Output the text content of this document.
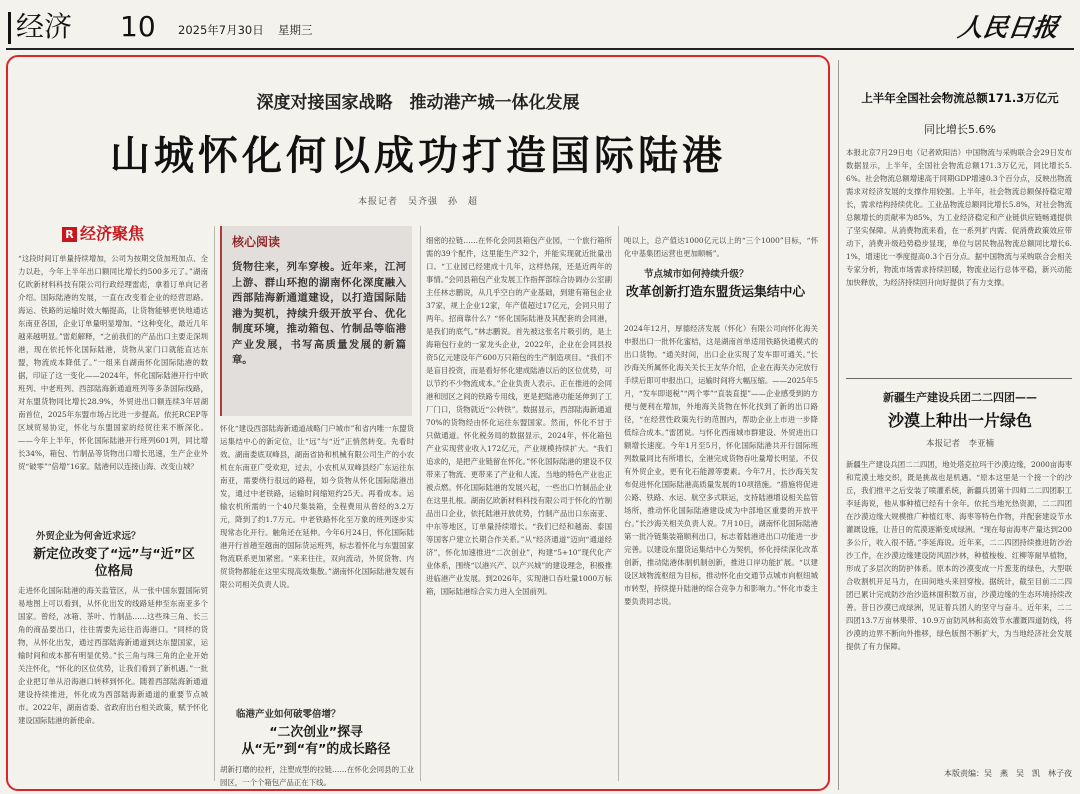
经济 10 2025年7月30日 星期三	人民日报
深度对接国家战略　推动港产城一体化发展
山城怀化何以成功打造国际陆港
本报记者　吴齐强　孙　超
R 经济聚焦	核心阅读
货物往来，列车穿梭。近年来，江河上游、群山环抱的湖南怀化深度融入西部陆海新通道建设，以打造国际陆港为契机，持续升级开放平台、优化制度环境，推动箱包、竹制品等临港产业发展，书写高质量发展的新篇章。
“这段时间订单量持续增加，公司为按期交货加班加点、全力以赴，今年上半年出口额同比增长约500多元了。”湖南亿欧新材料科技有限公司行政经理雷彪，拿着订单向记者介绍。国际陆港的发展，一直在改变着企业的经营思路。海运、铁路的运输时效大幅提高，让货物能够更快地通达东南亚各国，企业订单量明显增加。“这种变化，最近几年越来越明显。”雷彪解释，“之前我们的产品出口主要走深圳港，现在依托怀化国际陆港，货物从家门口就能直达东盟，物流成本降低了。”一组来自湖南怀化国际陆港的数据，印证了这一变化——2024年，怀化国际陆港开行中欧班列、中老班列、西部陆海新通道班列等多条国际线路，对东盟货物同比增长28.9%，外贸进出口额连续3年居湖南首位，2025年东盟市场占比进一步提高。依托RCEP等区域贸易协定，怀化与东盟国家的经贸往来不断深化。——今年上半年，怀化国际陆港开行班列601列，同比增长34%，箱包、竹制品等货物出口增长迅速，生产企业外贸“破零”“倍增”16家。陆港何以连接山海、改变山城？
外贸企业为何舍近求远？
新定位改变了“远”与“近”区位格局
走进怀化国际陆港的海关监管区，从一张中国东盟国际贸易地图上可以看到，从怀化出发的线路延伸至东南亚多个国家。曾经，冰箱、茶叶、竹制品……这些珠三角、长三角的商品要出口，往往需要先运往沿海港口。“同样的货物，从怀化出发，通过西部陆海新通道到达东盟国家，运输时间和成本都有明显优势。”长三角与珠三角的企业开始关注怀化，“怀化的区位优势，让我们看到了新机遇。”一批企业把订单从沿海港口转移到怀化。随着西部陆海新通道建设持续推进，怀化成为西部陆海新通道的重要节点城市。2022年，湖南省委、省政府出台相关政策，赋予怀化建设国际陆港的新使命。
怀化“建设西部陆海新通道战略门户城市”和省内唯一东盟货运集结中心的新定位，让“远”与“近”正悄然转变。先看时效。湖南娄底双峰县，湖南省协和机械有限公司生产的小农机在东南亚广受欢迎，过去，小农机从双峰县经广东运往东南亚，需要绕行很远的路程，如今货物从怀化国际陆港出发，通过中老铁路，运输时间缩短约25天。再看成本。运输农机所需的一个40尺集装箱，全程费用从曾经的3.2万元，降到了约1.7万元。中老铁路怀化至万象的班列逐步实现常态化开行。触角还在延伸。今年6月24日，怀化国际陆港开行首趟至越南的国际货运班列，标志着怀化与东盟国家物流联系更加紧密。“来来往往，双向流动，外贸货物、内贸货物都能在这里实现高效集散。”湖南怀化国际陆港发展有限公司相关负责人说。
临港产业如何破零倍增？
“二次创业”探寻从“无”到“有”的成长路径
胡新打磨的拉杆，注塑成型的拉链……在怀化会同县的工业园区，一个个箱包产品正在下线。
细密的拉链……在怀化会同县箱包产业园，一个旅行箱所需的39个配件，这里能生产32个，并能实现就近批量出口。“工业园已经建成十几年，这样热闹，还是近两年的事情。”会同县箱包产业发展工作指挥部综合协调办公室副主任林志鹏说，从几乎空白的产业基础，到建有箱包企业37家，规上企业12家，年产值超过17亿元，会同只用了两年。招商靠什么？“怀化国际陆港及其配套的会同港，是我们的底气。”林志鹏说。首先被这张名片吸引的，是上海箱包行业的一家龙头企业，2022年，企业在会同县投资5亿元建设年产600万只箱包的生产制造项目。“我们不是盲目投资，而是看好怀化建成陆港以后的区位优势，可以节约不少物流成本。”企业负责人表示。正在推进的会同港和园区之间的铁路专用线，更是把陆港功能延伸到了工厂门口，货物就近“公转铁”。数据显示，西部陆海新通道70%的货物经由怀化运往东盟国家。然而，怀化不甘于只做通道。怀化税务局的数据显示，2024年，怀化箱包产业实现营业收入172亿元，产业规模持续扩大。“我们追求的，是把产业链留在怀化。”怀化国际陆港的建设不仅带来了物流、更带来了产业和人流。当地的特色产业也正被点燃。怀化国际陆港的发展兴起，一些出口竹制品企业在这里扎根。湖南亿欧新材料科技有限公司于怀化的竹制品出口企业，依托陆港开放优势，竹制产品出口东南亚、中东等地区，订单量持续增长。“我们已经和越南、泰国等国客户建立长期合作关系。”从“经济通道”迈向“通道经济”，怀化加速推进“二次创业”，构建“5+10”现代化产业体系，围绕“以港兴产、以产兴城”的建设理念，积极推进临港产业发展。到2026年，实现港口吞吐量1000万标箱，国际陆港综合实力进入全国前列。
吨以上，总产值达1000亿元以上的“三个1000”目标，“怀化中基集团运营也更加顺畅”。
节点城市如何持续升级？
改革创新打造东盟货运集结中心
2024年12月，厚德经济发展（怀化）有限公司向怀化海关申报出口一批怀化蜜桔，这是湖南首单适用铁路快通模式的出口货物。“通关时间，出口企业实现了发车即可通关。”长沙海关所属怀化海关关长王友华介绍，企业在海关办完放行手续后即可申报出口，运输时间将大幅压缩。——2025年5月，“发车即退税”“两个零”“直装直提”——企业感受到的方便与便利在增加，外地海关货物在怀化找到了新的出口路径，“在经营性政策先行的范围内，帮助企业上市进一步降低综合成本。”雷团说。与怀化西南城市群建设、外贸进出口额增长速度。今年1月至5月，怀化国际陆港共开行国际班列数量同比有所增长，全港完成货物吞吐量增长明显。不仅有外贸企业，更有化石能源等要素。今年7月，长沙海关发布促进怀化国际陆港高质量发展的10项措施。“措施将促进公路、铁路、水运、航空多式联运，支持陆港增设相关监管场所，推动怀化国际陆港建设成为中部地区重要的开放平台。”长沙海关相关负责人说。7月10日，湖南怀化国际陆港第一批冷链集装箱顺利出口，标志着陆港进出口功能进一步完善。以建设东盟货运集结中心为契机，怀化持续深化改革创新，推动陆港体制机制创新，推进口岸功能扩展。“以建设区域物流枢纽为目标，推动怀化由交通节点城市向枢纽城市转型，持续提升陆港的综合竞争力和影响力。”怀化市委主要负责同志说。
上半年全国社会物流总额171.3万亿元
同比增长5.6%
本报北京7月29日电（记者欧阳洁）中国物流与采购联合会29日发布数据显示，上半年，全国社会物流总额171.3万亿元，同比增长5.6%。社会物流总额增速高于同期GDP增速0.3个百分点，反映出物流需求对经济发展的支撑作用较强。上半年，社会物流总额保持稳定增长，需求结构持续优化。工业品物流总额同比增长5.8%，对社会物流总额增长的贡献率为85%，为工业经济稳定和产业链供应链畅通提供了坚实保障。从消费物流来看，在一系列扩内需、促消费政策效应带动下，消费升级趋势稳步显现，单位与居民物品物流总额同比增长6.1%，增速比一季度提高0.3个百分点。据中国物流与采购联合会相关专家分析，物流市场需求持续回暖，物流业运行总体平稳，新兴动能加快释放，为经济持续回升向好提供了有力支撑。
新疆生产建设兵团二二四团——
沙漠上种出一片绿色
本报记者　李亚楠
新疆生产建设兵团二二四团，地处塔克拉玛干沙漠边缘，2000亩海枣和荒漠土地交织，既是挑战也是机遇。“原本这里是一个接一个的沙丘，我们推平之后安装了喷灌系统，新疆兵团第十四师二二四团职工李延海说，他从事种植已经有十余年。依托当地光热资源，二二四团在沙漠边缘大规模推广种植红枣、海枣等特色作物，并配套建设节水灌溉设施，让昔日的荒漠逐渐变成绿洲。“现在每亩海枣产量达到200多公斤，收入很不错。”李延海说。近年来，二二四团持续推进防沙治沙工作，在沙漠边缘建设防风固沙林，种植梭梭、红柳等耐旱植物，形成了多层次的防护体系。原本的沙漠变成一片葱茏的绿色，大型联合收割机开足马力，在田间地头来回穿梭。据统计，截至目前二二四团已累计完成防沙治沙造林面积数万亩，沙漠边缘的生态环境持续改善。昔日沙漠已成绿洲，见证着兵团人的坚守与奋斗。近年来，二二四团13.7万亩林果带、10.9万亩防风林和高效节水灌溉四道防线，将沙漠的边界不断向外推移，绿色版图不断扩大，为当地经济社会发展提供了有力保障。
本版责编：吴　燕　吴　凯　林子夜
